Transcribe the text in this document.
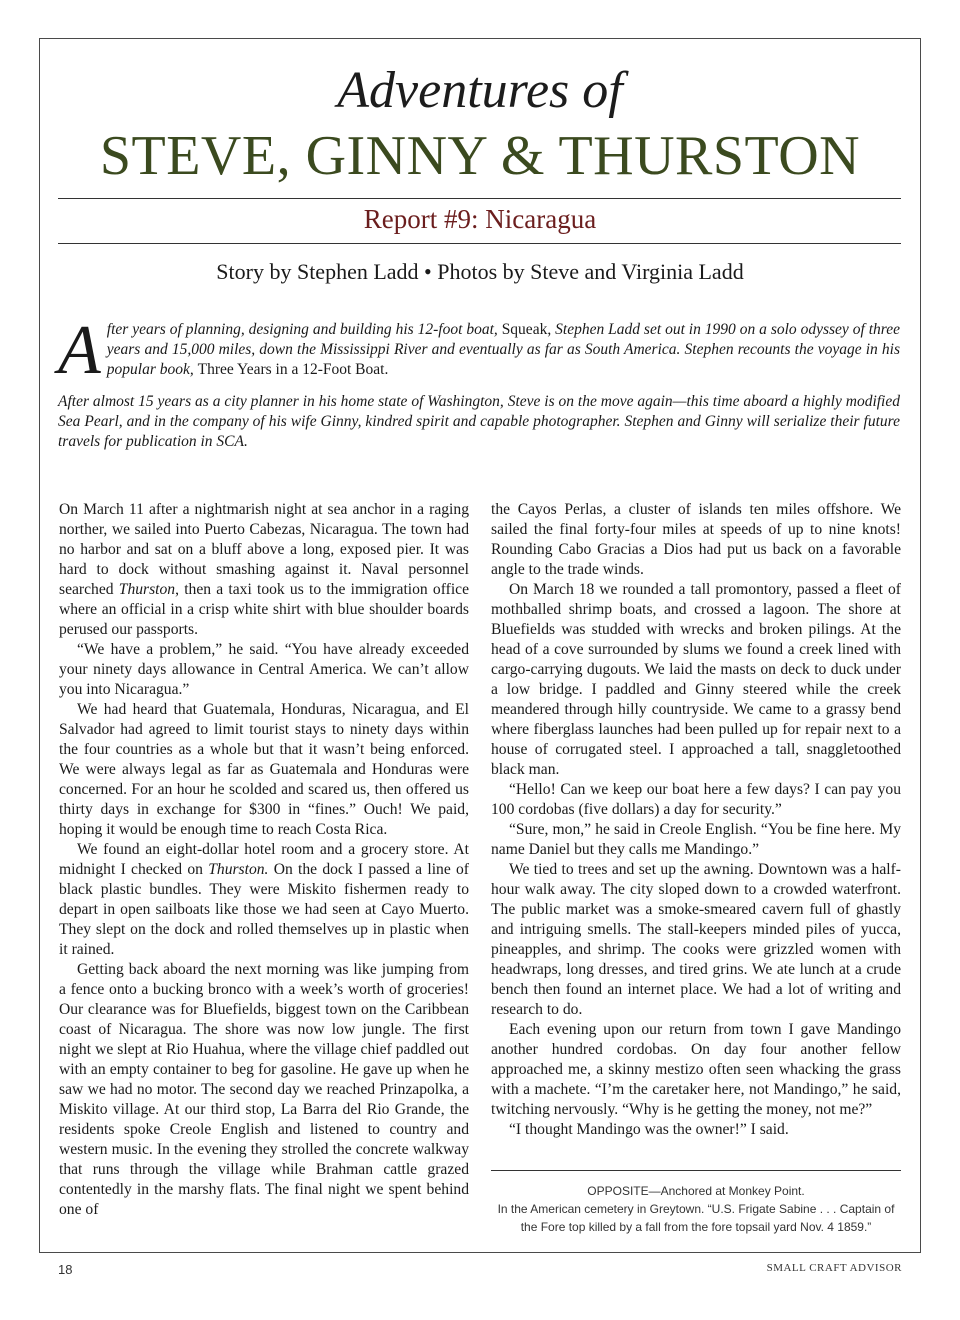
Adventures of
STEVE, GINNY & THURSTON
Report #9: Nicaragua
Story by Stephen Ladd • Photos by Steve and Virginia Ladd

After years of planning, designing and building his 12-foot boat, Squeak, Stephen Ladd set out in 1990 on a solo odyssey of three years and 15,000 miles, down the Mississippi River and eventually as far as South America. Stephen recounts the voyage in his popular book, Three Years in a 12-Foot Boat.

After almost 15 years as a city planner in his home state of Washington, Steve is on the move again—this time aboard a highly modified Sea Pearl, and in the company of his wife Ginny, kindred spirit and capable photographer. Stephen and Ginny will serialize their future travels for publication in SCA.

On March 11 after a nightmarish night at sea anchor in a raging norther, we sailed into Puerto Cabezas, Nicaragua. The town had no harbor and sat on a bluff above a long, exposed pier. It was hard to dock without smashing against it. Naval personnel searched Thurston, then a taxi took us to the immigration office where an official in a crisp white shirt with blue shoulder boards perused our passports.

“We have a problem,” he said. “You have already exceeded your ninety days allowance in Central America. We can’t allow you into Nicaragua.”

We had heard that Guatemala, Honduras, Nicaragua, and El Salvador had agreed to limit tourist stays to ninety days within the four countries as a whole but that it wasn’t being enforced. We were always legal as far as Guatemala and Honduras were concerned. For an hour he scolded and scared us, then offered us thirty days in exchange for $300 in “fines.” Ouch! We paid, hoping it would be enough time to reach Costa Rica.

We found an eight-dollar hotel room and a grocery store. At midnight I checked on Thurston. On the dock I passed a line of black plastic bundles. They were Miskito fishermen ready to depart in open sailboats like those we had seen at Cayo Muerto. They slept on the dock and rolled themselves up in plastic when it rained.

Getting back aboard the next morning was like jumping from a fence onto a bucking bronco with a week’s worth of groceries! Our clearance was for Bluefields, biggest town on the Caribbean coast of Nicaragua. The shore was now low jungle. The first night we slept at Rio Huahua, where the village chief paddled out with an empty container to beg for gasoline. He gave up when he saw we had no motor. The second day we reached Prinzapolka, a Miskito village. At our third stop, La Barra del Rio Grande, the residents spoke Creole English and listened to country and western music. In the evening they strolled the concrete walkway that runs through the village while Brahman cattle grazed contentedly in the marshy flats. The final night we spent behind one of

the Cayos Perlas, a cluster of islands ten miles offshore. We sailed the final forty-four miles at speeds of up to nine knots! Rounding Cabo Gracias a Dios had put us back on a favorable angle to the trade winds.

On March 18 we rounded a tall promontory, passed a fleet of mothballed shrimp boats, and crossed a lagoon. The shore at Bluefields was studded with wrecks and broken pilings. At the head of a cove surrounded by slums we found a creek lined with cargo-carrying dugouts. We laid the masts on deck to duck under a low bridge. I paddled and Ginny steered while the creek meandered through hilly countryside. We came to a grassy bend where fiberglass launches had been pulled up for repair next to a house of corrugated steel. I approached a tall, snaggletoothed black man.

“Hello! Can we keep our boat here a few days? I can pay you 100 cordobas (five dollars) a day for security.”

“Sure, mon,” he said in Creole English. “You be fine here. My name Daniel but they calls me Mandingo.”

We tied to trees and set up the awning. Downtown was a half-hour walk away. The city sloped down to a crowded waterfront. The public market was a smoke-smeared cavern full of ghastly and intriguing smells. The stall-keepers minded piles of yucca, pineapples, and shrimp. The cooks were grizzled women with headwraps, long dresses, and tired grins. We ate lunch at a crude bench then found an internet place. We had a lot of writing and research to do.

Each evening upon our return from town I gave Mandingo another hundred cordobas. On day four another fellow approached me, a skinny mestizo often seen whacking the grass with a machete. “I’m the caretaker here, not Mandingo,” he said, twitching nervously. “Why is he getting the money, not me?”

“I thought Mandingo was the owner!” I said.

OPPOSITE—Anchored at Monkey Point.
In the American cemetery in Greytown. “U.S. Frigate Sabine . . . Captain of the Fore top killed by a fall from the fore topsail yard Nov. 4 1859.”
18	SMALL CRAFT ADVISOR
